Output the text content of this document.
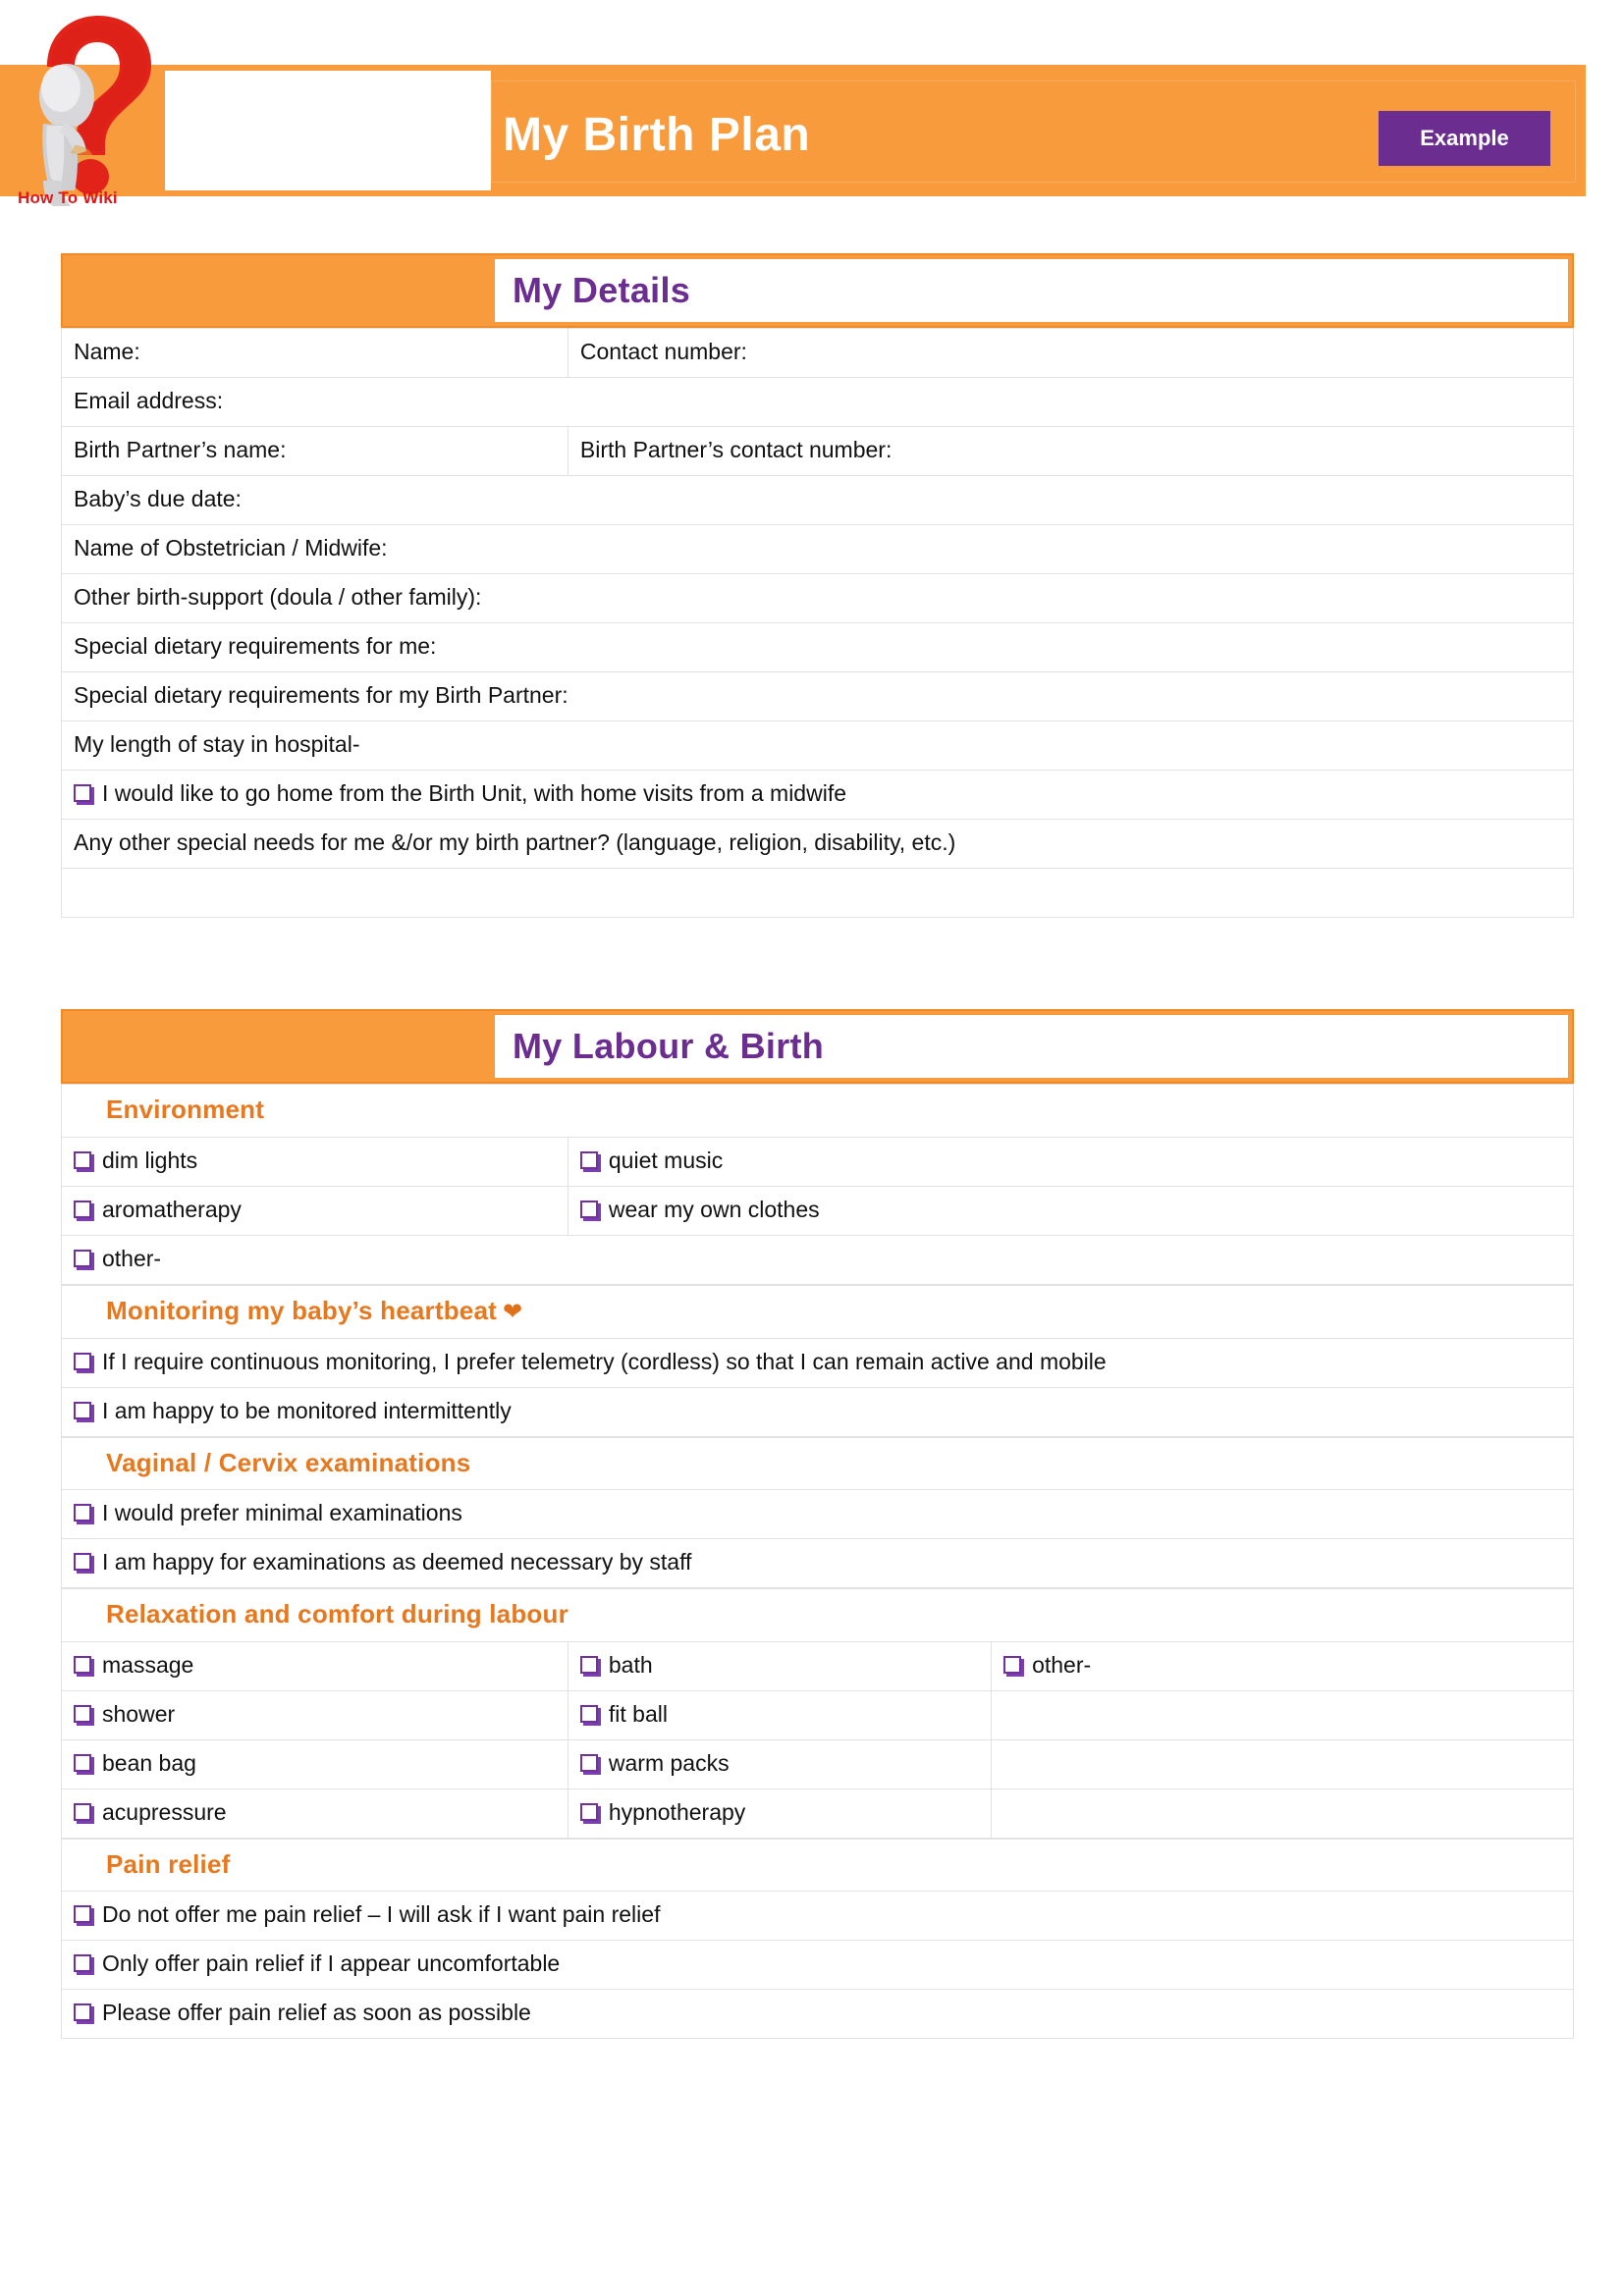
How To Wiki
My Birth Plan	Example
My Details
Name:	Contact number:
Email address:	
Birth Partner’s name:	Birth Partner’s contact number:
Baby’s due date:	
Name of Obstetrician / Midwife:	
Other birth-support (doula / other family):	
Special dietary requirements for me:	
Special dietary requirements for my Birth Partner:	
My length of stay in hospital-	
I would like to go home from the Birth Unit, with home visits from a midwife	
Any other special needs for me &/or my birth partner? (language, religion, disability, etc.)	

My Labour & Birth
Environment	
dim lights	quiet music
aromatherapy	wear my own clothes
other-	
Monitoring my baby’s heartbeat ❤
If I require continuous monitoring, I prefer telemetry (cordless) so that I can remain active and mobile
I am happy to be monitored intermittently
Vaginal / Cervix examinations
I would prefer minimal examinations
I am happy for examinations as deemed necessary by staff
Relaxation and comfort during labour		
massage	bath	other-
shower	fit ball	
bean bag	warm packs	
acupressure	hypnotherapy	
Pain relief
Do not offer me pain relief – I will ask if I want pain relief
Only offer pain relief if I appear uncomfortable
Please offer pain relief as soon as possible
